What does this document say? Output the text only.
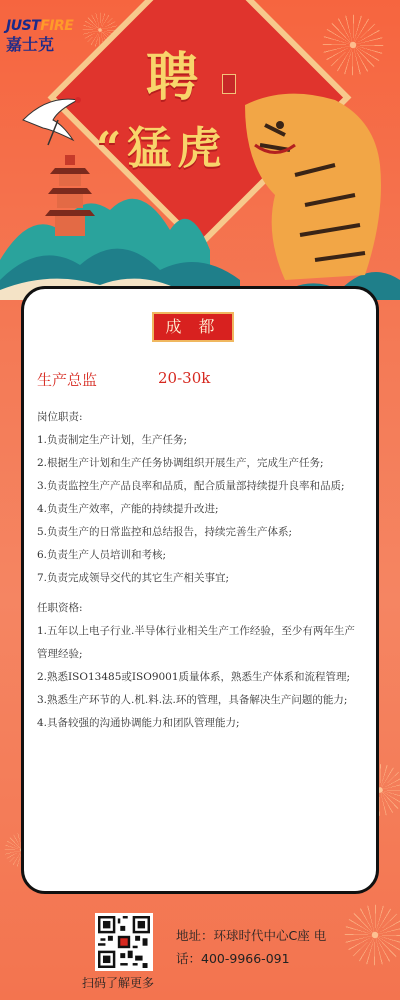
聘
“猛虎
JUSTFIRE
嘉士克
成 都
生产总监	20-30k

岗位职责:

1.负责制定生产计划，生产任务;

2.根据生产计划和生产任务协调组织开展生产，完成生产任务;

3.负责监控生产产品良率和品质，配合质量部持续提升良率和品质;

4.负责生产效率，产能的持续提升改进;

5.负责生产的日常监控和总结报告，持续完善生产体系;

6.负责生产人员培训和考核;

7.负责完成领导交代的其它生产相关事宜;

任职资格:

1.五年以上电子行业.半导体行业相关生产工作经验，至少有两年生产

管理经验;

2.熟悉ISO13485或ISO9001质量体系，熟悉生产体系和流程管理;

3.熟悉生产环节的人.机.料.法.环的管理，具备解决生产问题的能力;

4.具备较强的沟通协调能力和团队管理能力;

扫码了解更多
地址：环球时代中心C座 电
话：400-9966-091
